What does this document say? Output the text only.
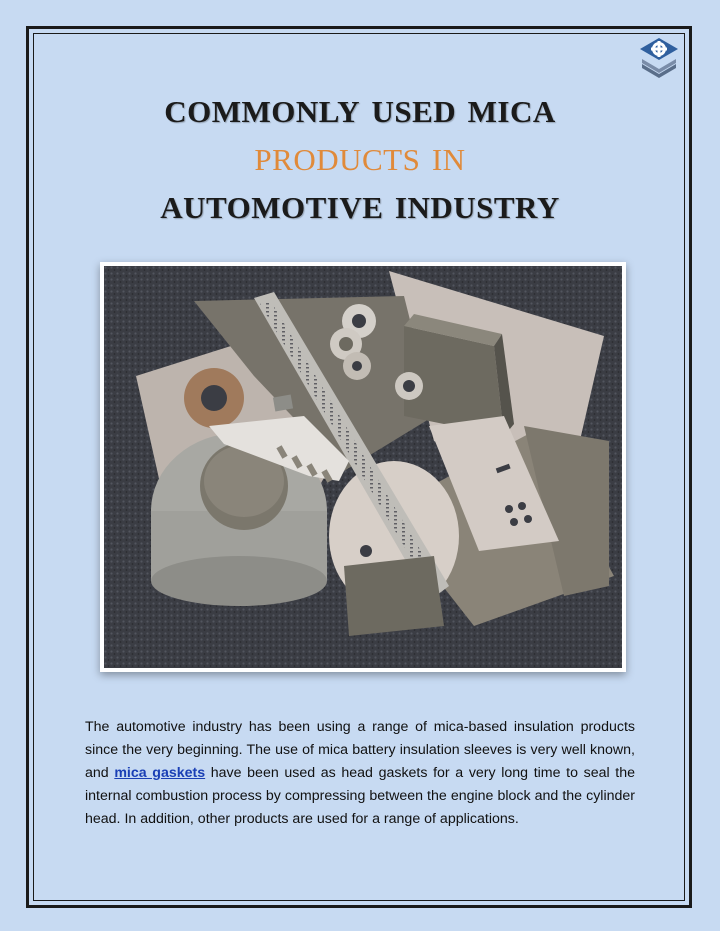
commonly used mica
products in
automotive industry

The automotive industry has been using a range of mica-based insulation products since the very beginning. The use of mica battery insulation sleeves is very well known, and mica gaskets have been used as head gaskets for a very long time to seal the internal combustion process by compressing between the engine block and the cylinder head. In addition, other products are used for a range of applications.
